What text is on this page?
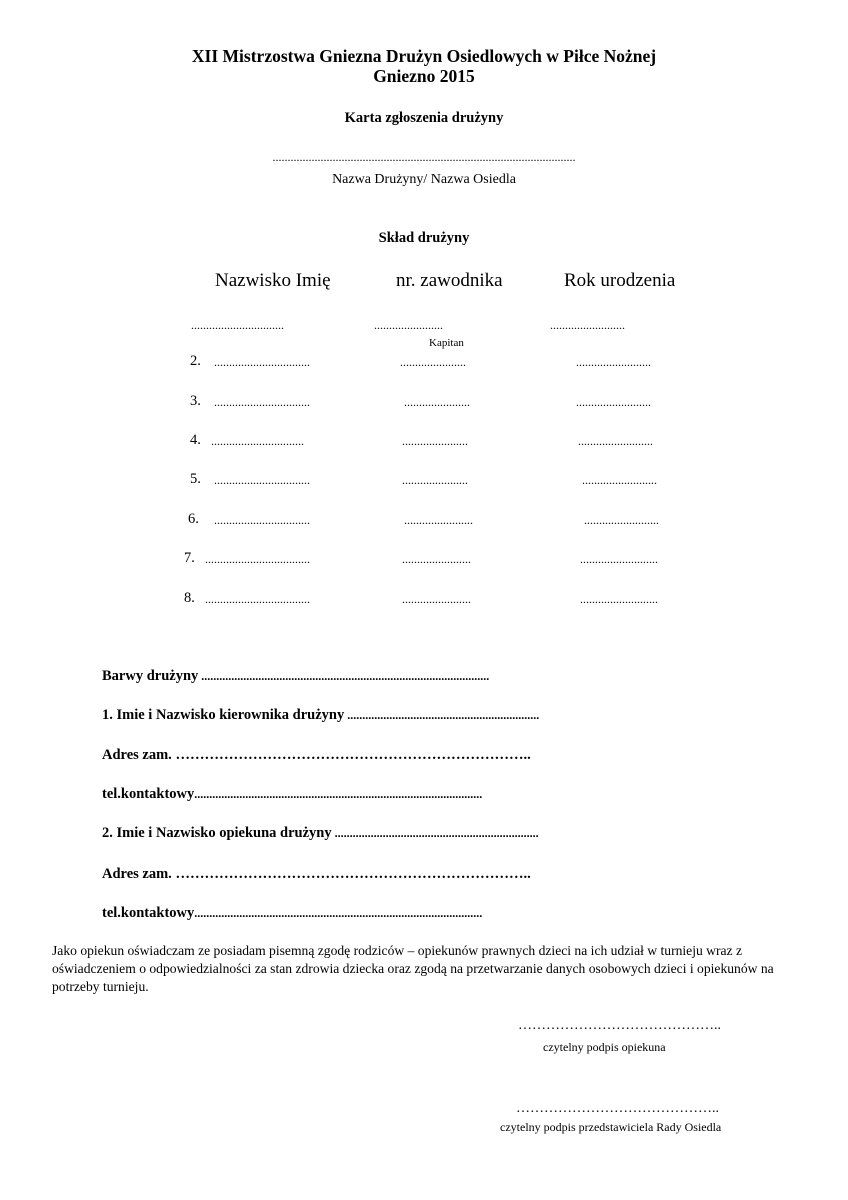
XII Mistrzostwa Gniezna Drużyn Osiedlowych w Piłce Nożnej
Gniezno 2015
Karta zgłoszenia drużyny
.....................................................................................................
Nazwa Drużyny/ Nazwa Osiedla
Skład drużyny
Nazwisko Imię	nr. zawodnika	Rok urodzenia
...............................	.......................	.........................
Kapitan
2. ................................	......................	.........................
3. ................................	......................	.........................
4. ...............................	......................	.........................
5. ................................	......................	.........................
6. ................................	.......................	.........................
7. ...................................	.......................	..........................
8. ...................................	.......................	..........................
Barwy drużyny ................................................................................................
1. Imie i Nazwisko kierownika drużyny ................................................................
Adres zam. ………………………………………………………………..
tel.kontaktowy................................................................................................
2. Imie i Nazwisko opiekuna drużyny ....................................................................
Adres zam. ………………………………………………………………..
tel.kontaktowy................................................................................................
Jako opiekun oświadczam ze posiadam pisemną zgodę rodziców – opiekunów prawnych dzieci na ich udział w turnieju wraz z oświadczeniem o odpowiedzialności za stan zdrowia dziecka oraz zgodą na przetwarzanie danych osobowych dzieci i opiekunów na potrzeby turnieju.
……………………………………..
czytelny podpis opiekuna
……………………………………..
czytelny podpis przedstawiciela Rady Osiedla
